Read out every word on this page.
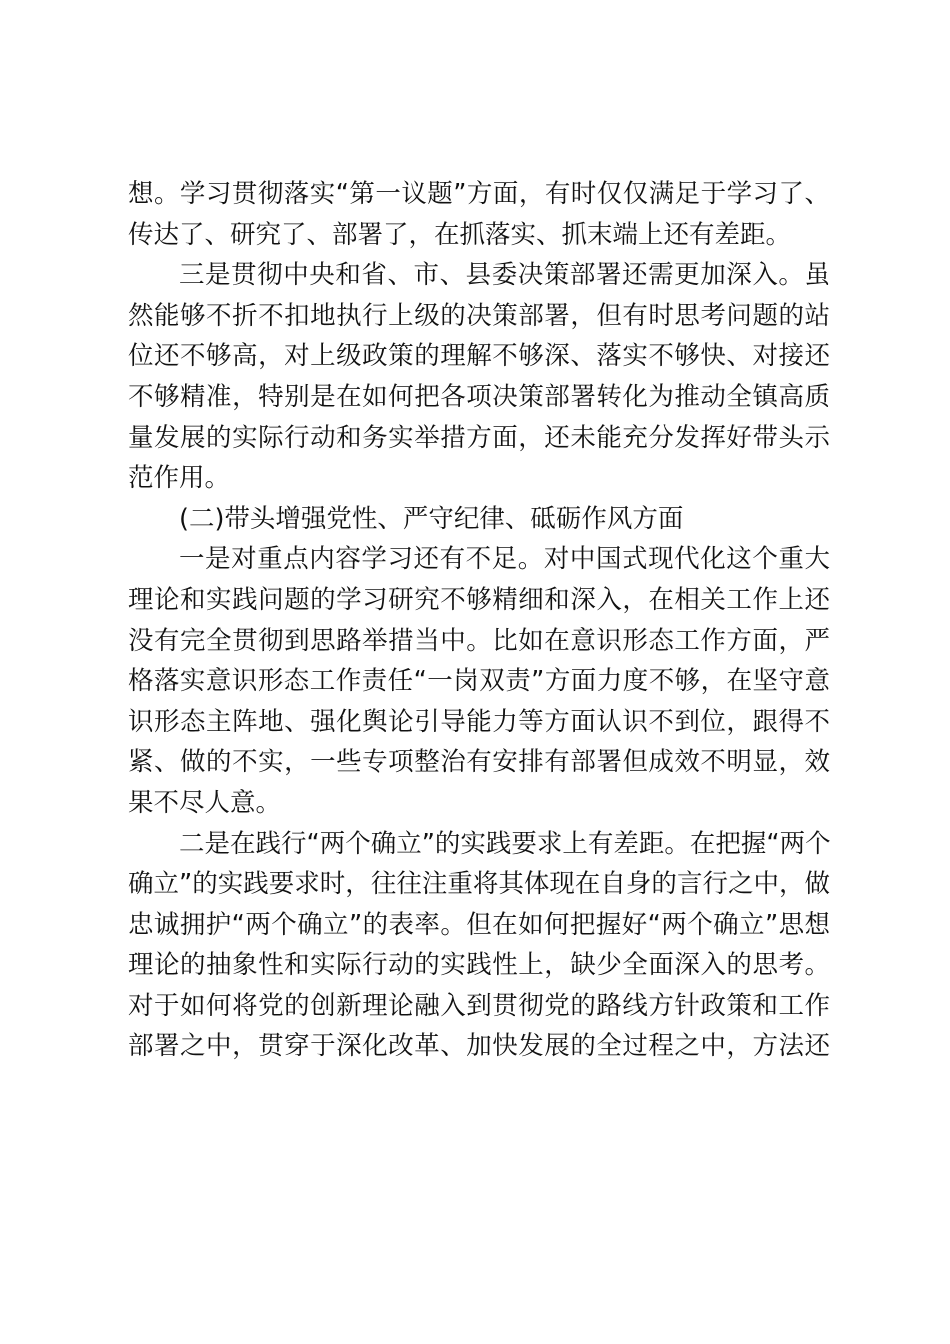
想。学习贯彻落实“第一议题”方面，有时仅仅满足于学习了、
传达了、研究了、部署了，在抓落实、抓末端上还有差距。
三是贯彻中央和省、市、县委决策部署还需更加深入。虽
然能够不折不扣地执行上级的决策部署，但有时思考问题的站
位还不够高，对上级政策的理解不够深、落实不够快、对接还
不够精准，特别是在如何把各项决策部署转化为推动全镇高质
量发展的实际行动和务实举措方面，还未能充分发挥好带头示
范作用。
(二)带头增强党性、严守纪律、砥砺作风方面
一是对重点内容学习还有不足。对中国式现代化这个重大
理论和实践问题的学习研究不够精细和深入，在相关工作上还
没有完全贯彻到思路举措当中。比如在意识形态工作方面，严
格落实意识形态工作责任“一岗双责”方面力度不够，在坚守意
识形态主阵地、强化舆论引导能力等方面认识不到位，跟得不
紧、做的不实，一些专项整治有安排有部署但成效不明显，效
果不尽人意。
二是在践行“两个确立”的实践要求上有差距。在把握“两个
确立”的实践要求时，往往注重将其体现在自身的言行之中，做
忠诚拥护“两个确立”的表率。但在如何把握好“两个确立”思想
理论的抽象性和实际行动的实践性上，缺少全面深入的思考。
对于如何将党的创新理论融入到贯彻党的路线方针政策和工作
部署之中，贯穿于深化改革、加快发展的全过程之中，方法还
